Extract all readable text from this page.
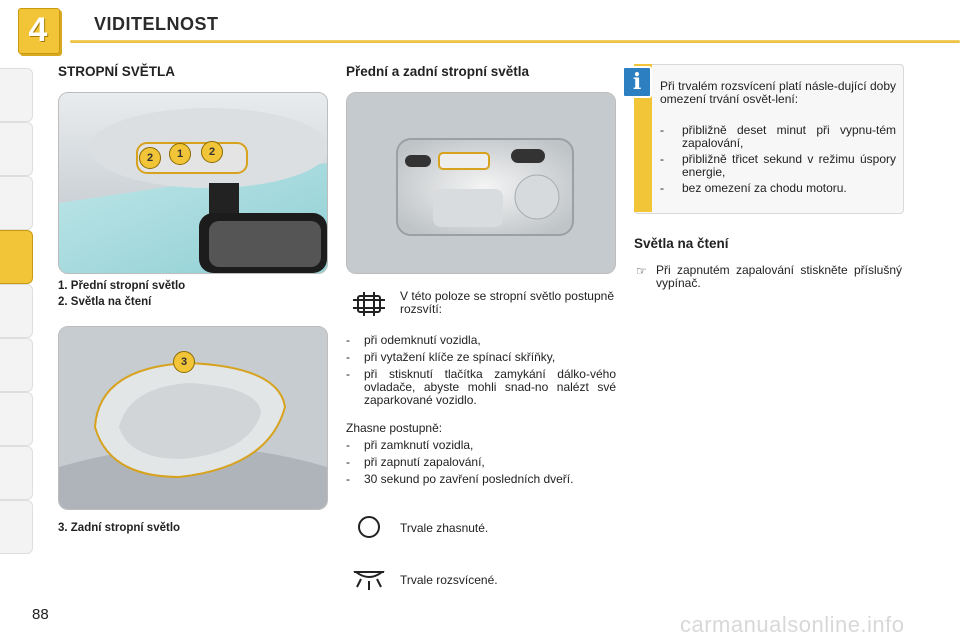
4	VIDITELNOST
STROPNÍ SVĚTLA
2	1	2
1. Přední stropní světlo
2. Světla na čtení
3
3. Zadní stropní světlo
Přední a zadní stropní světla
V této poloze se stropní světlo postupně rozsvítí:
- při odemknutí vozidla,
- při vytažení klíče ze spínací skříňky,
- při stisknutí tlačítka zamykání dálko-vého ovladače, abyste mohli snad-no nalézt své zaparkované vozidlo.
Zhasne postupně:
- při zamknutí vozidla,
- při zapnutí zapalování,
- 30 sekund po zavření posledních dveří.
Trvale zhasnuté.
Trvale rozsvícené.
i	Při trvalém rozsvícení platí násle-dující doby omezení trvání osvět-lení:
- přibližně deset minut při vypnu-tém zapalování,
- přibližně třicet sekund v režimu úspory energie,
- bez omezení za chodu motoru.
Světla na čtení
☞ Při zapnutém zapalování stiskněte příslušný vypínač.
88	carmanualsonline.info
